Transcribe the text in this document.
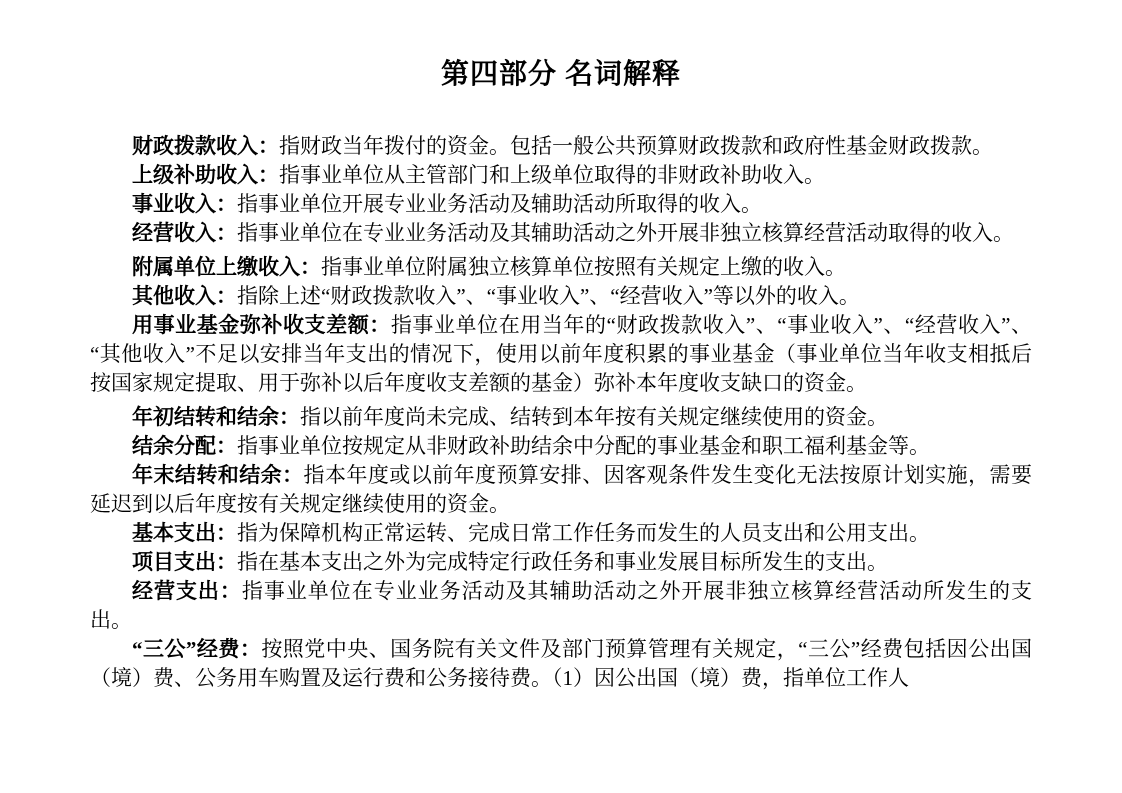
第四部分 名词解释

财政拨款收入：指财政当年拨付的资金。包括一般公共预算财政拨款和政府性基金财政拨款。

上级补助收入：指事业单位从主管部门和上级单位取得的非财政补助收入。

事业收入：指事业单位开展专业业务活动及辅助活动所取得的收入。

经营收入：指事业单位在专业业务活动及其辅助活动之外开展非独立核算经营活动取得的收入。

附属单位上缴收入：指事业单位附属独立核算单位按照有关规定上缴的收入。

其他收入：指除上述“财政拨款收入”、“事业收入”、“经营收入”等以外的收入。

用事业基金弥补收支差额：指事业单位在用当年的“财政拨款收入”、“事业收入”、“经营收入”、“其他收入”不足以安排当年支出的情况下，使用以前年度积累的事业基金（事业单位当年收支相抵后按国家规定提取、用于弥补以后年度收支差额的基金）弥补本年度收支缺口的资金。

年初结转和结余：指以前年度尚未完成、结转到本年按有关规定继续使用的资金。

结余分配：指事业单位按规定从非财政补助结余中分配的事业基金和职工福利基金等。

年末结转和结余：指本年度或以前年度预算安排、因客观条件发生变化无法按原计划实施，需要延迟到以后年度按有关规定继续使用的资金。

基本支出：指为保障机构正常运转、完成日常工作任务而发生的人员支出和公用支出。

项目支出：指在基本支出之外为完成特定行政任务和事业发展目标所发生的支出。

经营支出：指事业单位在专业业务活动及其辅助活动之外开展非独立核算经营活动所发生的支出。

“三公”经费：按照党中央、国务院有关文件及部门预算管理有关规定，“三公”经费包括因公出国（境）费、公务用车购置及运行费和公务接待费。（1）因公出国（境）费，指单位工作人
